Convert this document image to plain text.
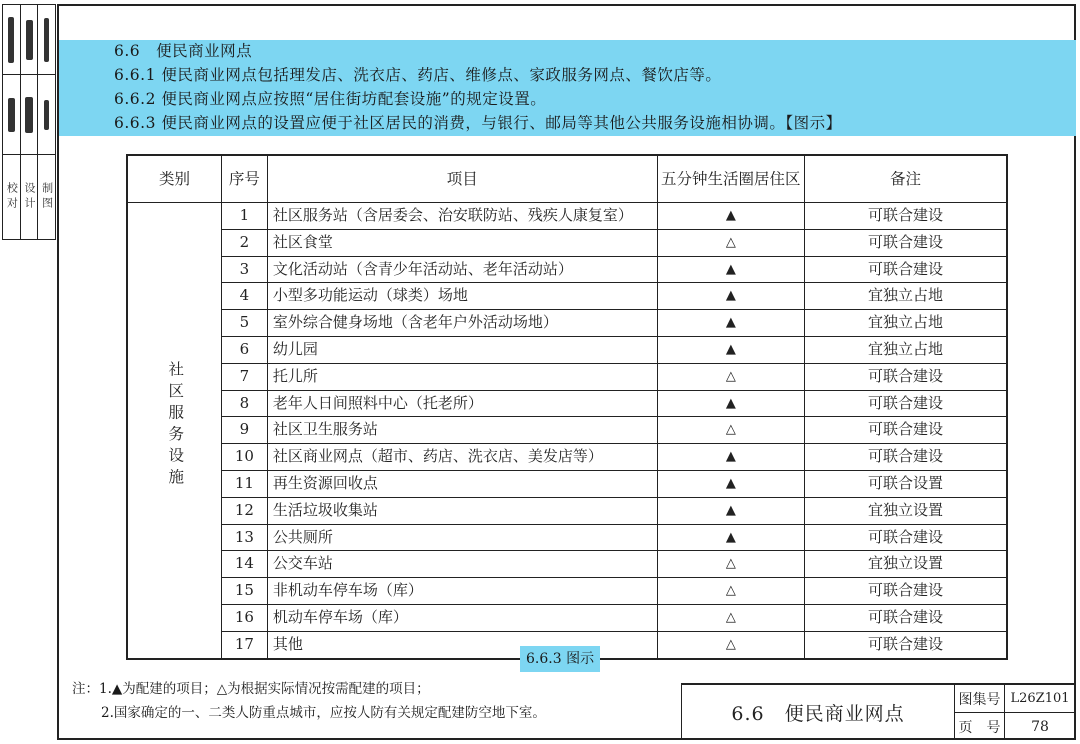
校对 设计 制图
6.6　便民商业网点
6.6.1 便民商业网点包括理发店、洗衣店、药店、维修点、家政服务网点、餐饮店等。
6.6.2 便民商业网点应按照“居住街坊配套设施”的规定设置。
6.6.3 便民商业网点的设置应便于社区居民的消费，与银行、邮局等其他公共服务设施相协调。【图示】
类别	序号	项目	五分钟生活圈居住区	备注
社区服务设施	1	社区服务站（含居委会、治安联防站、残疾人康复室）	▲	可联合建设
	2	社区食堂	△	可联合建设
	3	文化活动站（含青少年活动站、老年活动站）	▲	可联合建设
	4	小型多功能运动（球类）场地	▲	宜独立占地
	5	室外综合健身场地（含老年户外活动场地）	▲	宜独立占地
	6	幼儿园	▲	宜独立占地
	7	托儿所	△	可联合建设
	8	老年人日间照料中心（托老所）	▲	可联合建设
	9	社区卫生服务站	△	可联合建设
	10	社区商业网点（超市、药店、洗衣店、美发店等）	▲	可联合建设
	11	再生资源回收点	▲	可联合设置
	12	生活垃圾收集站	▲	宜独立设置
	13	公共厕所	▲	可联合建设
	14	公交车站	△	宜独立设置
	15	非机动车停车场（库）	△	可联合建设
	16	机动车停车场（库）	△	可联合建设
	17	其他	△	可联合建设
6.6.3 图示
注：1.▲为配建的项目；△为根据实际情况按需配建的项目；
2.国家确定的一、二类人防重点城市，应按人防有关规定配建防空地下室。	6.6　便民商业网点
图集号 L26Z101
页　号	78
